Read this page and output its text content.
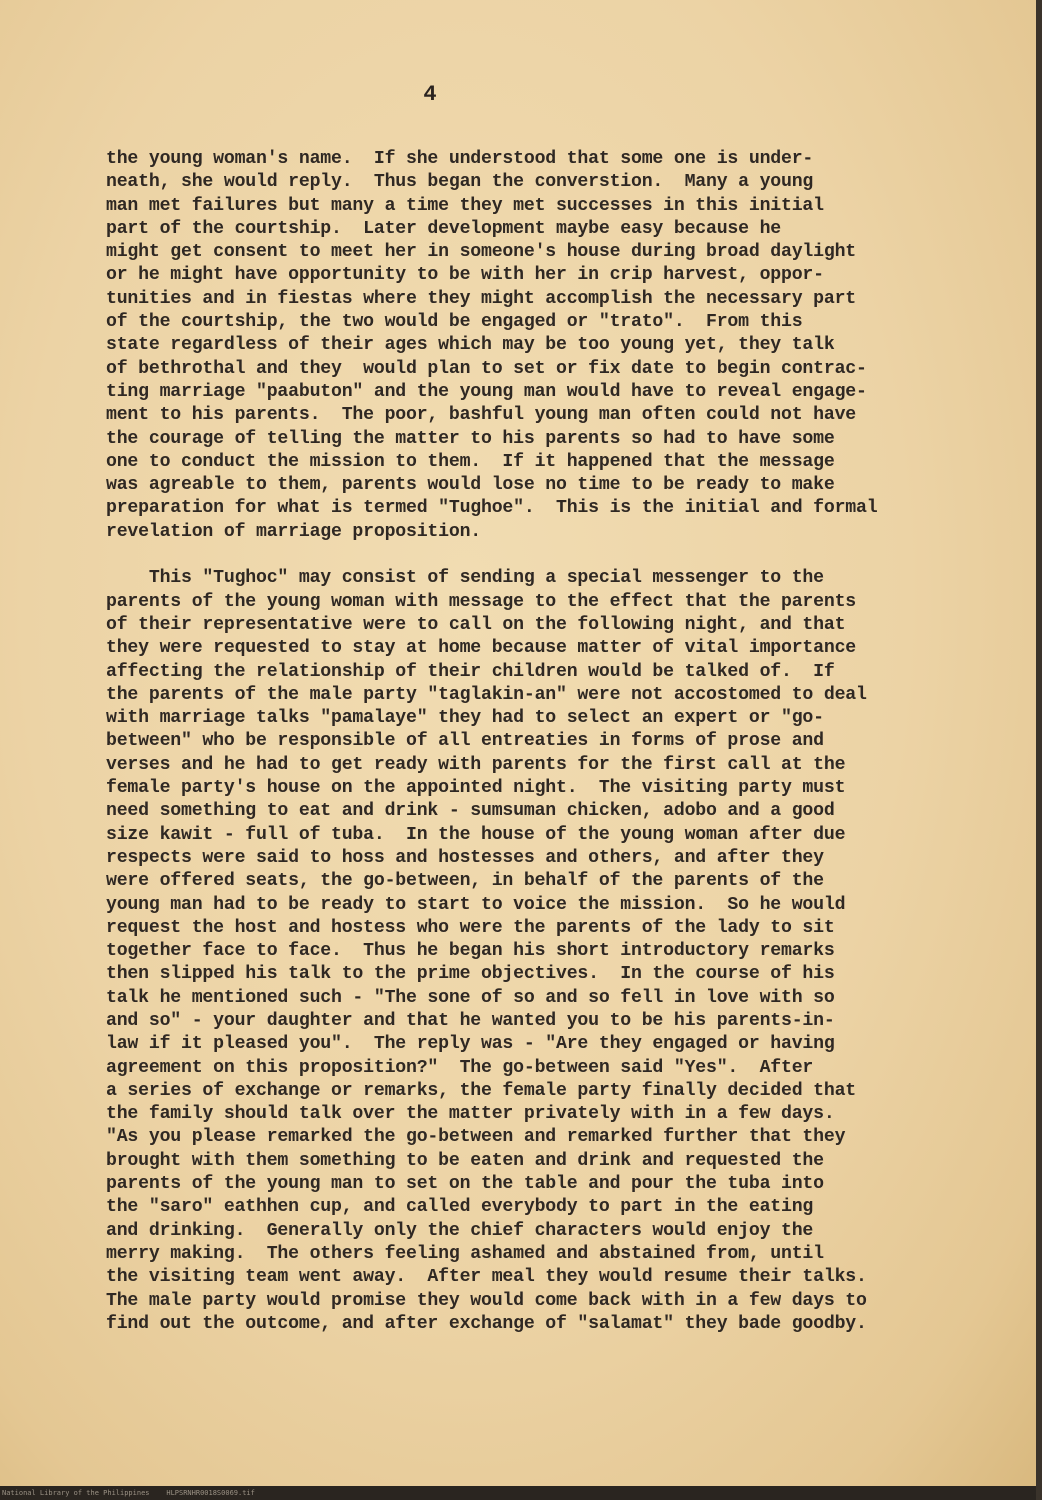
4
the young woman's name.  If she understood that some one is under-
neath, she would reply.  Thus began the converstion.  Many a young
man met failures but many a time they met successes in this initial
part of the courtship.  Later development maybe easy because he
might get consent to meet her in someone's house during broad daylight
or he might have opportunity to be with her in crip harvest, oppor-
tunities and in fiestas where they might accomplish the necessary part
of the courtship, the two would be engaged or "trato".  From this
state regardless of their ages which may be too young yet, they talk
of bethrothal and they  would plan to set or fix date to begin contrac-
ting marriage "paabuton" and the young man would have to reveal engage-
ment to his parents.  The poor, bashful young man often could not have
the courage of telling the matter to his parents so had to have some
one to conduct the mission to them.  If it happened that the message
was agreable to them, parents would lose no time to be ready to make
preparation for what is termed "Tughoe".  This is the initial and formal
revelation of marriage proposition.
This "Tughoc" may consist of sending a special messenger to the
parents of the young woman with message to the effect that the parents
of their representative were to call on the following night, and that
they were requested to stay at home because matter of vital importance
affecting the relationship of their children would be talked of.  If
the parents of the male party "taglakin-an" were not accostomed to deal
with marriage talks "pamalaye" they had to select an expert or "go-
between" who be responsible of all entreaties in forms of prose and
verses and he had to get ready with parents for the first call at the
female party's house on the appointed night.  The visiting party must
need something to eat and drink - sumsuman chicken, adobo and a good
size kawit - full of tuba.  In the house of the young woman after due
respects were said to hoss and hostesses and others, and after they
were offered seats, the go-between, in behalf of the parents of the
young man had to be ready to start to voice the mission.  So he would
request the host and hostess who were the parents of the lady to sit
together face to face.  Thus he began his short introductory remarks
then slipped his talk to the prime objectives.  In the course of his
talk he mentioned such - "The sone of so and so fell in love with so
and so" - your daughter and that he wanted you to be his parents-in-
law if it pleased you".  The reply was - "Are they engaged or having
agreement on this proposition?"  The go-between said "Yes".  After
a series of exchange or remarks, the female party finally decided that
the family should talk over the matter privately with in a few days.
"As you please remarked the go-between and remarked further that they
brought with them something to be eaten and drink and requested the
parents of the young man to set on the table and pour the tuba into
the "saro" eathhen cup, and called everybody to part in the eating
and drinking.  Generally only the chief characters would enjoy the
merry making.  The others feeling ashamed and abstained from, until
the visiting team went away.  After meal they would resume their talks.
The male party would promise they would come back with in a few days to
find out the outcome, and after exchange of "salamat" they bade goodby.
National Library of the Philippines    HLPSRNHR0018S0069.tif
